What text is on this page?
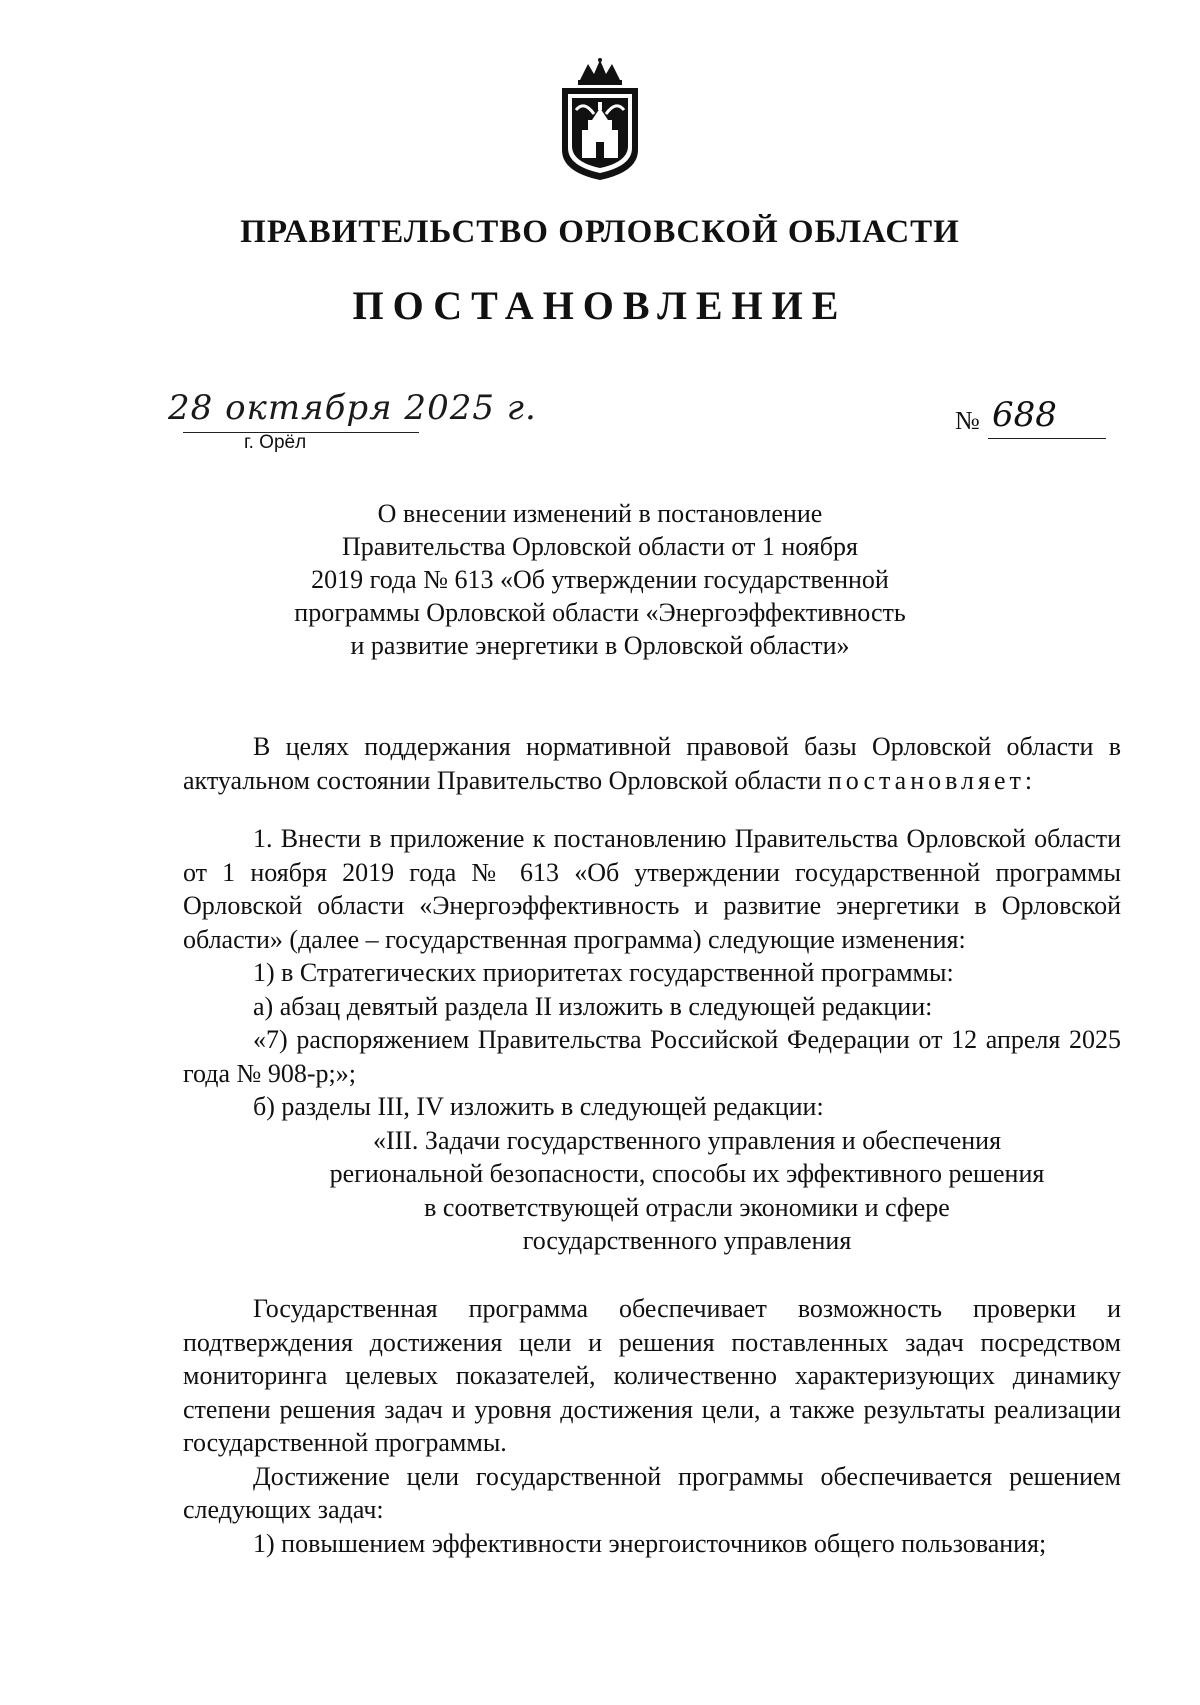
ПРАВИТЕЛЬСТВО ОРЛОВСКОЙ ОБЛАСТИ
ПОСТАНОВЛЕНИЕ
28 октября 2025 г.
г. Орёл
№ 688
О внесении изменений в постановление
Правительства Орловской области от 1 ноября
2019 года № 613 «Об утверждении государственной
программы Орловской области «Энергоэффективность
и развитие энергетики в Орловской области»

В целях поддержания нормативной правовой базы Орловской области в актуальном состоянии Правительство Орловской области постановляет:

1. Внести в приложение к постановлению Правительства Орловской области от 1 ноября 2019 года № 613 «Об утверждении государственной программы Орловской области «Энергоэффективность и развитие энергетики в Орловской области» (далее – государственная программа) следующие изменения:

1) в Стратегических приоритетах государственной программы:

а) абзац девятый раздела II изложить в следующей редакции:

«7) распоряжением Правительства Российской Федерации от 12 апреля 2025 года № 908-р;»;

б) разделы III, IV изложить в следующей редакции:

«III. Задачи государственного управления и обеспечения
региональной безопасности, способы их эффективного решения
в соответствующей отрасли экономики и сфере
государственного управления

Государственная программа обеспечивает возможность проверки и подтверждения достижения цели и решения поставленных задач посредством мониторинга целевых показателей, количественно характеризующих динамику степени решения задач и уровня достижения цели, а также результаты реализации государственной программы.

Достижение цели государственной программы обеспечивается решением следующих задач:

1) повышением эффективности энергоисточников общего пользования;
